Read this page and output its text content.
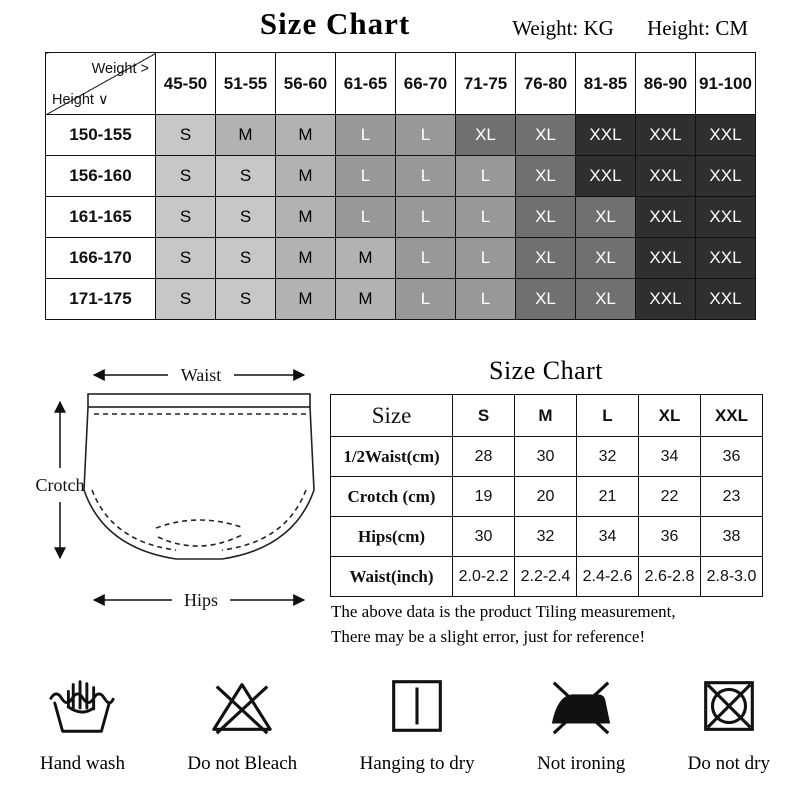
Size Chart	Weight: KG Height: CM
Weight >
Height ∨	45-50	51-55	56-60	61-65	66-70	71-75	76-80	81-85	86-90	91-100
150-155	S	M	M	L	L	XL	XL	XXL	XXL	XXL
156-160	S	S	M	L	L	L	XL	XXL	XXL	XXL
161-165	S	S	M	L	L	L	XL	XL	XXL	XXL
166-170	S	S	M	M	L	L	XL	XL	XXL	XXL
171-175	S	S	M	M	L	L	XL	XL	XXL	XXL
Waist
Crotch
Hips
Size Chart
Size	S	M	L	XL	XXL
1/2Waist(cm)	28	30	32	34	36
Crotch (cm)	19	20	21	22	23
Hips(cm)	30	32	34	36	38
Waist(inch)	2.0-2.2	2.2-2.4	2.4-2.6	2.6-2.8	2.8-3.0
The above data is the product Tiling measurement,
There may be a slight error, just for reference!
Hand wash	Do not Bleach	Hanging to dry	Not ironing	Do not dry
